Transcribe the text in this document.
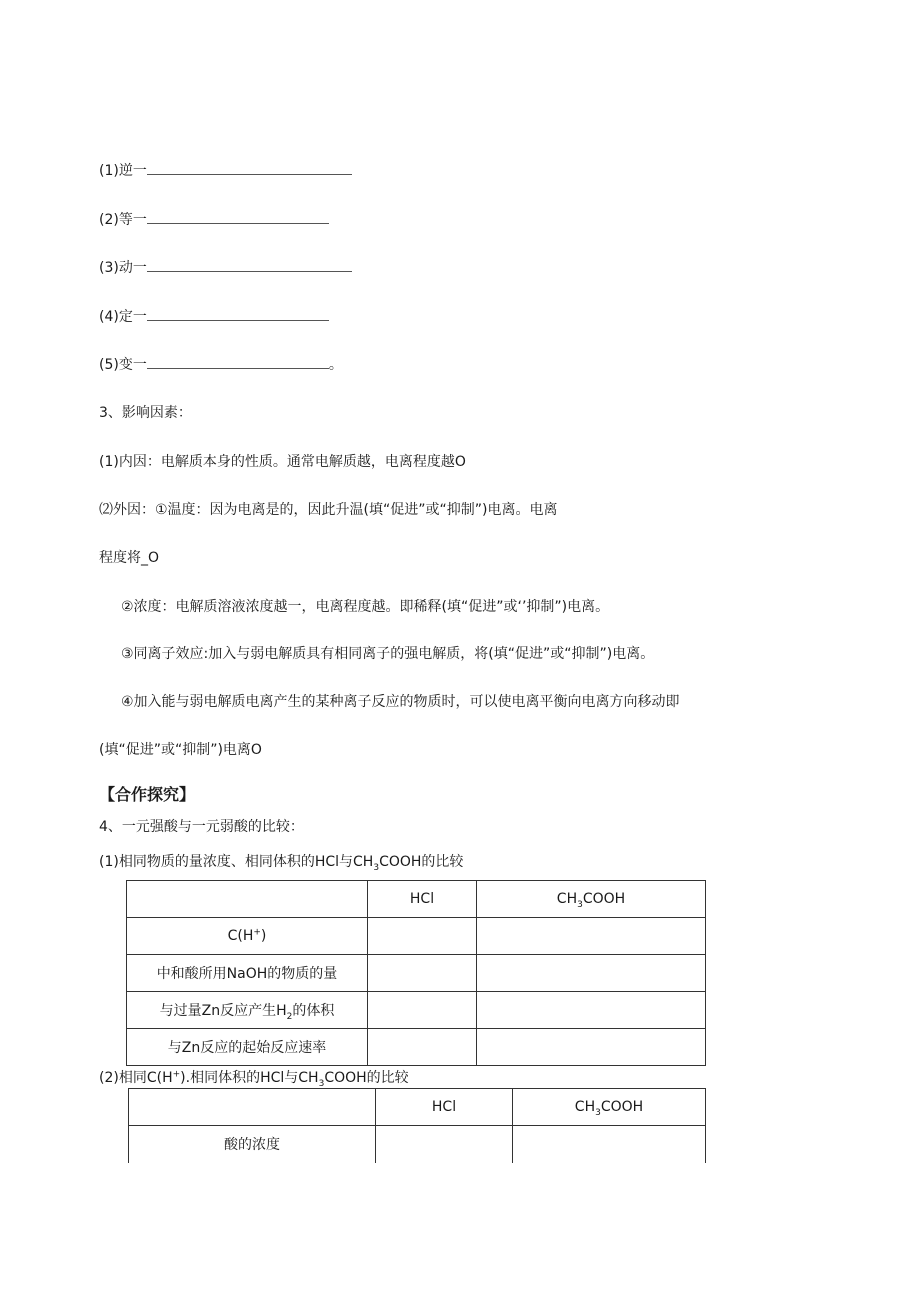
(1)逆一
(2)等一
(3)动一
(4)定一
(5)变一	。
3、影响因素：
(1)内因：电解质本身的性质。通常电解质越，电离程度越O
⑵外因：①温度：因为电离是的，因此升温(填“促进”或“抑制”)电离。电离
程度将_O
②浓度：电解质溶液浓度越一，电离程度越。即稀释(填“促进”或‘’抑制”)电离。
③同离子效应:加入与弱电解质具有相同离子的强电解质，将(填“促进”或“抑制”)电离。
④加入能与弱电解质电离产生的某种离子反应的物质时，可以使电离平衡向电离方向移动即
(填“促进”或“抑制”)电离O
【合作探究】
4、一元强酸与一元弱酸的比较：
(1)相同物质的量浓度、相同体积的HCl与$CH_3COOH$的比较
	HCl	$CH_3COOH$
C(H+)		
中和酸所用NaOH的物质的量		
与过量Zn反应产生$H_2$的体积		
与Zn反应的起始反应速率		
(2)相同C(H+).相同体积的HCl与$CH_3COOH$的比较
	HCl	$CH_3COOH$
酸的浓度		
